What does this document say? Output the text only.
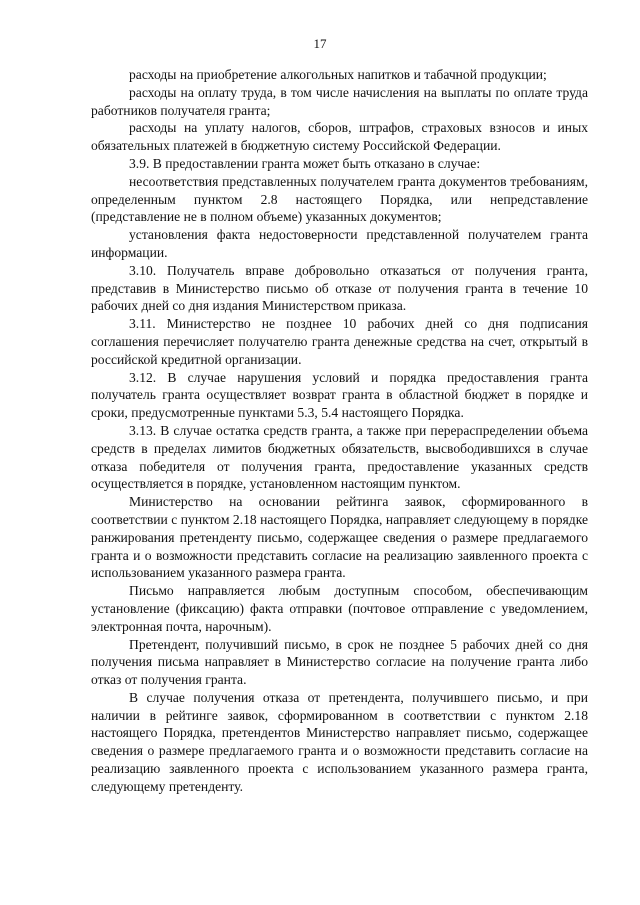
17

расходы на приобретение алкогольных напитков и табачной продукции;

расходы на оплату труда, в том числе начисления на выплаты по оплате труда работников получателя гранта;

расходы на уплату налогов, сборов, штрафов, страховых взносов и иных обязательных платежей в бюджетную систему Российской Федерации.

3.9. В предоставлении гранта может быть отказано в случае:

несоответствия представленных получателем гранта документов требованиям, определенным пунктом 2.8 настоящего Порядка, или непредставление (представление не в полном объеме) указанных документов;

установления факта недостоверности представленной получателем гранта информации.

3.10. Получатель вправе добровольно отказаться от получения гранта, представив в Министерство письмо об отказе от получения гранта в течение 10 рабочих дней со дня издания Министерством приказа.

3.11. Министерство не позднее 10 рабочих дней со дня подписания соглашения перечисляет получателю гранта денежные средства на счет, открытый в российской кредитной организации.

3.12. В случае нарушения условий и порядка предоставления гранта получатель гранта осуществляет возврат гранта в областной бюджет в порядке и сроки, предусмотренные пунктами 5.3, 5.4 настоящего Порядка.

3.13. В случае остатка средств гранта, а также при перераспределении объема средств в пределах лимитов бюджетных обязательств, высвободившихся в случае отказа победителя от получения гранта, предоставление указанных средств осуществляется в порядке, установленном настоящим пунктом.

Министерство на основании рейтинга заявок, сформированного в соответствии с пунктом 2.18 настоящего Порядка, направляет следующему в порядке ранжирования претенденту письмо, содержащее сведения о размере предлагаемого гранта и о возможности представить согласие на реализацию заявленного проекта с использованием указанного размера гранта.

Письмо направляется любым доступным способом, обеспечивающим установление (фиксацию) факта отправки (почтовое отправление с уведомлением, электронная почта, нарочным).

Претендент, получивший письмо, в срок не позднее 5 рабочих дней со дня получения письма направляет в Министерство согласие на получение гранта либо отказ от получения гранта.

В случае получения отказа от претендента, получившего письмо, и при наличии в рейтинге заявок, сформированном в соответствии с пунктом 2.18 настоящего Порядка, претендентов Министерство направляет письмо, содержащее сведения о размере предлагаемого гранта и о возможности представить согласие на реализацию заявленного проекта с использованием указанного размера гранта, следующему претенденту.
